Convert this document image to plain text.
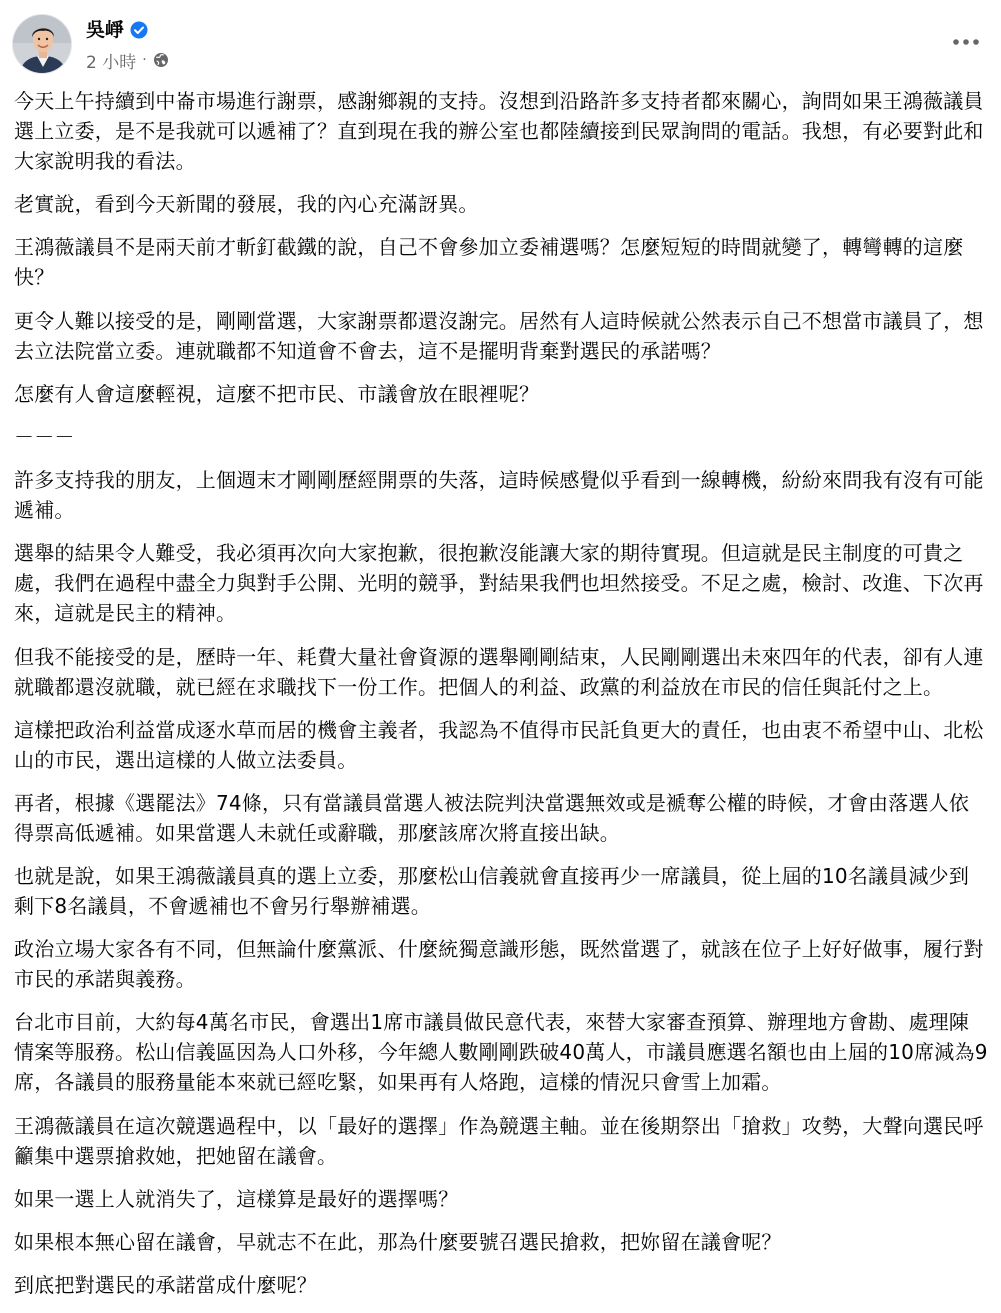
吳崢
2 小時 ·

今天上午持續到中崙市場進行謝票，感謝鄉親的支持。沒想到沿路許多支持者都來關心，詢問如果王鴻薇議員選上立委，是不是我就可以遞補了？直到現在我的辦公室也都陸續接到民眾詢問的電話。我想，有必要對此和大家說明我的看法。

老實說，看到今天新聞的發展，我的內心充滿訝異。

王鴻薇議員不是兩天前才斬釘截鐵的說，自己不會參加立委補選嗎？怎麼短短的時間就變了，轉彎轉的這麼快？

更令人難以接受的是，剛剛當選，大家謝票都還沒謝完。居然有人這時候就公然表示自己不想當市議員了，想去立法院當立委。連就職都不知道會不會去，這不是擺明背棄對選民的承諾嗎？

怎麼有人會這麼輕視，這麼不把市民、市議會放在眼裡呢？

－－－

許多支持我的朋友，上個週末才剛剛歷經開票的失落，這時候感覺似乎看到一線轉機，紛紛來問我有沒有可能遞補。

選舉的結果令人難受，我必須再次向大家抱歉，很抱歉沒能讓大家的期待實現。但這就是民主制度的可貴之處，我們在過程中盡全力與對手公開、光明的競爭，對結果我們也坦然接受。不足之處，檢討、改進、下次再來，這就是民主的精神。

但我不能接受的是，歷時一年、耗費大量社會資源的選舉剛剛結束，人民剛剛選出未來四年的代表，卻有人連就職都還沒就職，就已經在求職找下一份工作。把個人的利益、政黨的利益放在市民的信任與託付之上。

這樣把政治利益當成逐水草而居的機會主義者，我認為不值得市民託負更大的責任，也由衷不希望中山、北松山的市民，選出這樣的人做立法委員。

再者，根據《選罷法》74條，只有當議員當選人被法院判決當選無效或是褫奪公權的時候，才會由落選人依得票高低遞補。如果當選人未就任或辭職，那麼該席次將直接出缺。

也就是說，如果王鴻薇議員真的選上立委，那麼松山信義就會直接再少一席議員，從上屆的10名議員減少到剩下8名議員，不會遞補也不會另行舉辦補選。

政治立場大家各有不同，但無論什麼黨派、什麼統獨意識形態，既然當選了，就該在位子上好好做事，履行對市民的承諾與義務。

台北市目前，大約每4萬名市民，會選出1席市議員做民意代表，來替大家審查預算、辦理地方會勘、處理陳情案等服務。松山信義區因為人口外移，今年總人數剛剛跌破40萬人，市議員應選名額也由上屆的10席減為9席，各議員的服務量能本來就已經吃緊，如果再有人烙跑，這樣的情況只會雪上加霜。

王鴻薇議員在這次競選過程中，以「最好的選擇」作為競選主軸。並在後期祭出「搶救」攻勢，大聲向選民呼籲集中選票搶救她，把她留在議會。

如果一選上人就消失了，這樣算是最好的選擇嗎？

如果根本無心留在議會，早就志不在此，那為什麼要號召選民搶救，把妳留在議會呢？

到底把對選民的承諾當成什麼呢？
